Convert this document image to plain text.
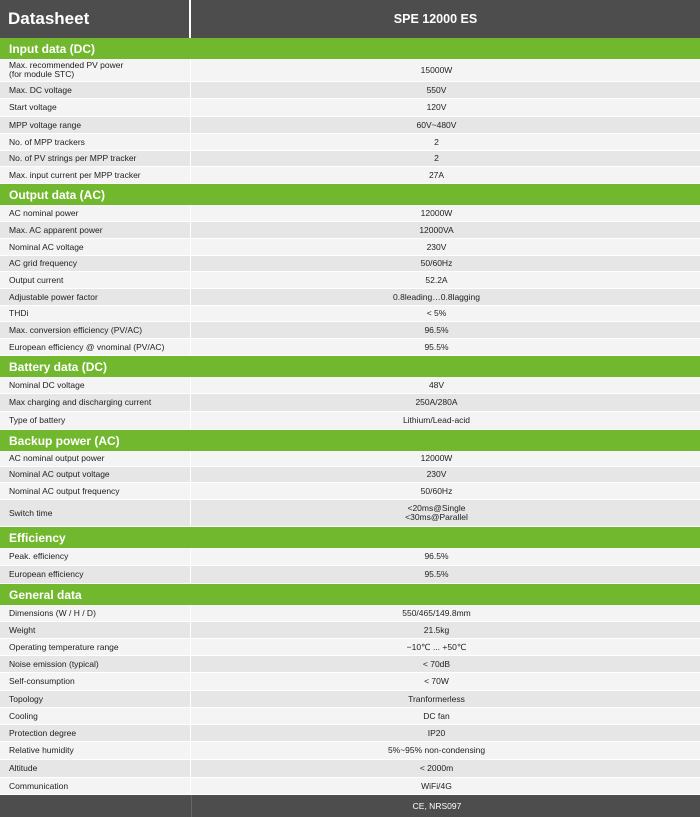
Datasheet	SPE 12000 ES
Input data (DC)
Max. recommended PV power
(for module STC)	15000W
Max. DC voltage	550V
Start voltage	120V
MPP voltage range	60V~480V
No. of MPP trackers	2
No. of PV strings per MPP tracker	2
Max. input current per MPP tracker	27A
Output data (AC)
AC nominal power	12000W
Max. AC apparent power	12000VA
Nominal AC voltage	230V
AC grid frequency	50/60Hz
Output current	52.2A
Adjustable power factor	0.8leading…0.8lagging
THDi	< 5%
Max. conversion efficiency (PV/AC)	96.5%
European efficiency @ vnominal (PV/AC)	95.5%
Battery data (DC)
Nominal DC voltage	48V
Max charging and discharging current	250A/280A
Type of battery	Lithium/Lead-acid
Backup power (AC)
AC nominal output power	12000W
Nominal AC output voltage	230V
Nominal AC output frequency	50/60Hz
Switch time	<20ms@Single
<30ms@Parallel
Efficiency
Peak. efficiency	96.5%
European efficiency	95.5%
General data
Dimensions (W / H / D)	550/465/149.8mm
Weight	21.5kg
Operating temperature range	−10℃ ... +50℃
Noise emission (typical)	< 70dB
Self-consumption	< 70W
Topology	Tranformerless
Cooling	DC fan
Protection degree	IP20
Relative humidity	5%~95% non-condensing
Altitude	< 2000m
Communication	WiFi/4G
CE, NRS097
